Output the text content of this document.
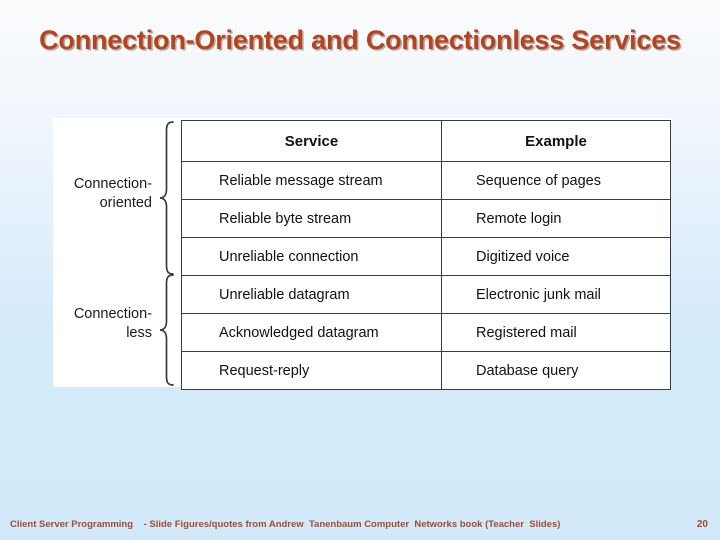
Connection-Oriented and Connectionless Services
Connection-
oriented
Connection-
less
Service	Example
Reliable message stream	Sequence of pages
Reliable byte stream	Remote login
Unreliable connection	Digitized voice
Unreliable datagram	Electronic junk mail
Acknowledged datagram	Registered mail
Request-reply	Database query
Client Server Programming    - Slide Figures/quotes from Andrew  Tanenbaum Computer  Networks book (Teacher  Slides)	20
